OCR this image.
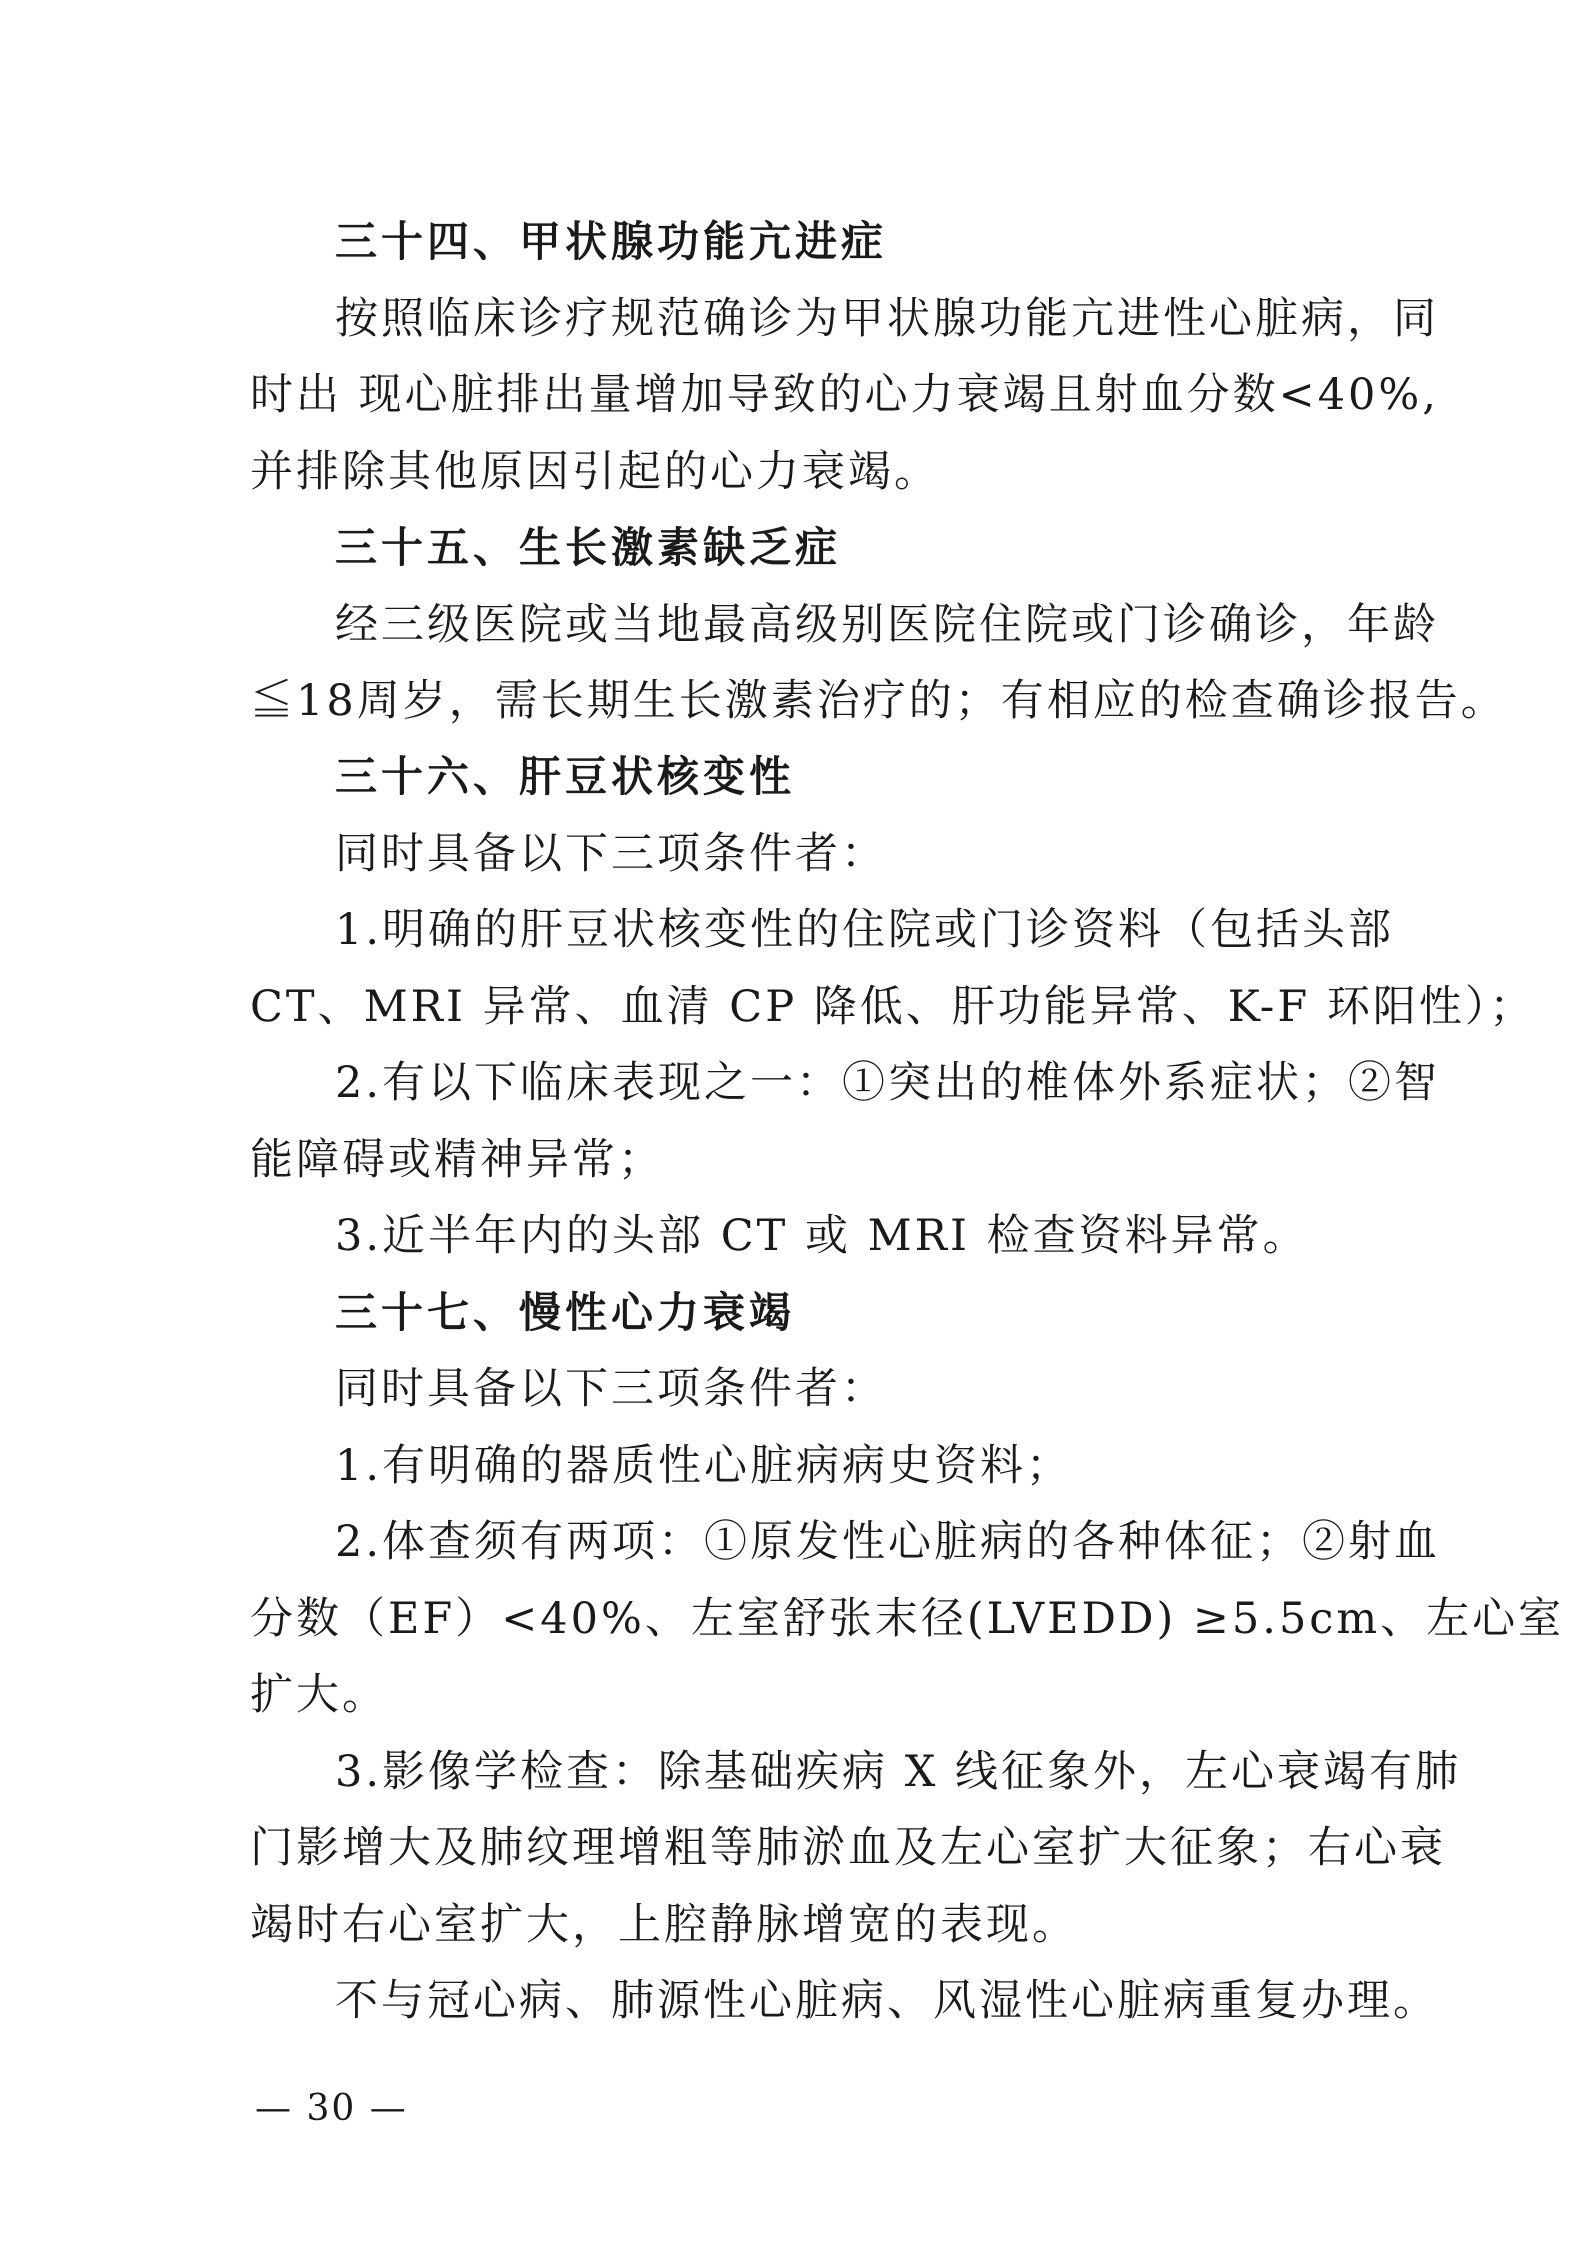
三十四、甲状腺功能亢进症
按照临床诊疗规范确诊为甲状腺功能亢进性心脏病，同
时出 现心脏排出量增加导致的心力衰竭且射血分数<40%,
并排除其他原因引起的心力衰竭。
三十五、生长激素缺乏症
经三级医院或当地最高级别医院住院或门诊确诊，年龄
≦18周岁，需长期生长激素治疗的；有相应的检查确诊报告。
三十六、肝豆状核变性
同时具备以下三项条件者：
1.明确的肝豆状核变性的住院或门诊资料（包括头部
CT、MRI 异常、血清 CP 降低、肝功能异常、K-F 环阳性）；
2.有以下临床表现之一：①突出的椎体外系症状；②智
能障碍或精神异常；
3.近半年内的头部 CT 或 MRI 检查资料异常。
三十七、慢性心力衰竭
同时具备以下三项条件者：
1.有明确的器质性心脏病病史资料；
2.体查须有两项：①原发性心脏病的各种体征；②射血
分数（EF）<40%、左室舒张末径(LVEDD) ≥5.5cm、左心室
扩大。
3.影像学检查：除基础疾病 X 线征象外，左心衰竭有肺
门影增大及肺纹理增粗等肺淤血及左心室扩大征象；右心衰
竭时右心室扩大，上腔静脉增宽的表现。
不与冠心病、肺源性心脏病、风湿性心脏病重复办理。
— 30 —
